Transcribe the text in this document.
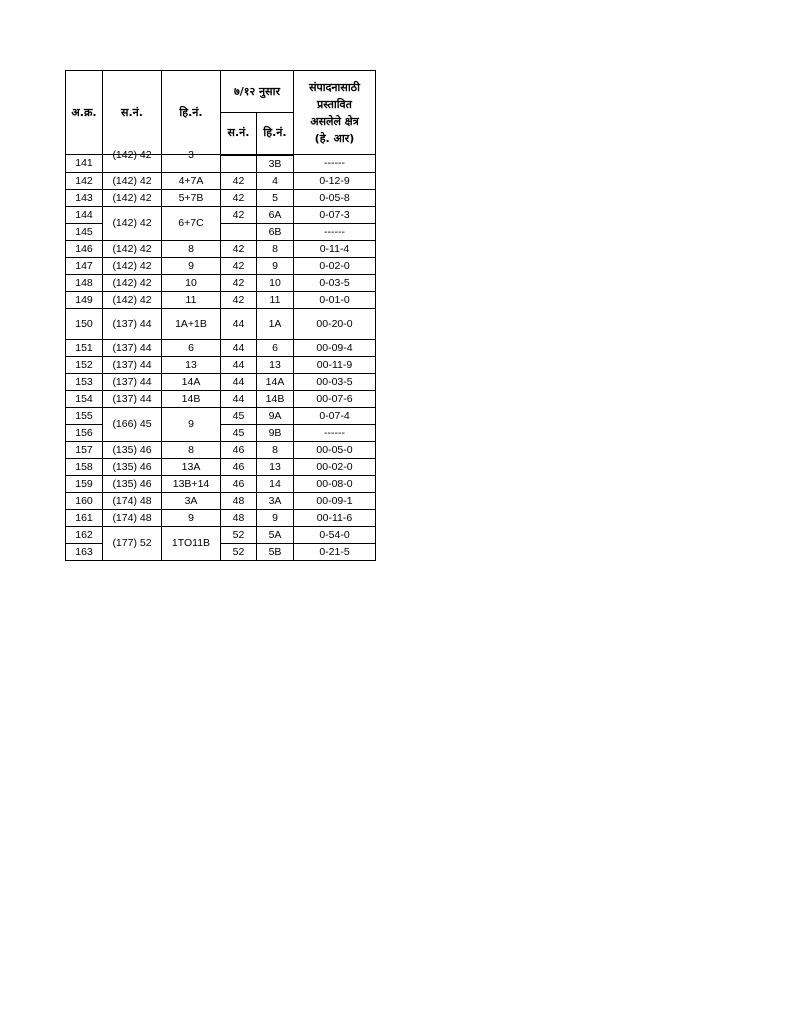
अ.क्र.	स.नं.	हि.नं.	७/१२ नुसार		संपादनासाठी
प्रस्तावित
असलेले क्षेत्र
(हे. आर)

			स.नं.	हि.नं.	
141	(142) 42	3		3B	------
142	(142) 42	4+7A	42	4	0-12-9
143	(142) 42	5+7B	42	5	0-05-8
144	(142) 42	6+7C	42	6A	0-07-3
145				6B	------
146	(142) 42	8	42	8	0-11-4
147	(142) 42	9	42	9	0-02-0
148	(142) 42	10	42	10	0-03-5
149	(142) 42	11	42	11	0-01-0
150	(137) 44	1A+1B	44	1A	00-20-0
151	(137) 44	6	44	6	00-09-4
152	(137) 44	13	44	13	00-11-9
153	(137) 44	14A	44	14A	00-03-5
154	(137) 44	14B	44	14B	00-07-6
155	(166) 45	9	45	9A	0-07-4
156			45	9B	------
157	(135) 46	8	46	8	00-05-0
158	(135) 46	13A	46	13	00-02-0
159	(135) 46	13B+14	46	14	00-08-0
160	(174) 48	3A	48	3A	00-09-1
161	(174) 48	9	48	9	00-11-6
162	(177) 52	1TO11B	52	5A	0-54-0
163			52	5B	0-21-5
